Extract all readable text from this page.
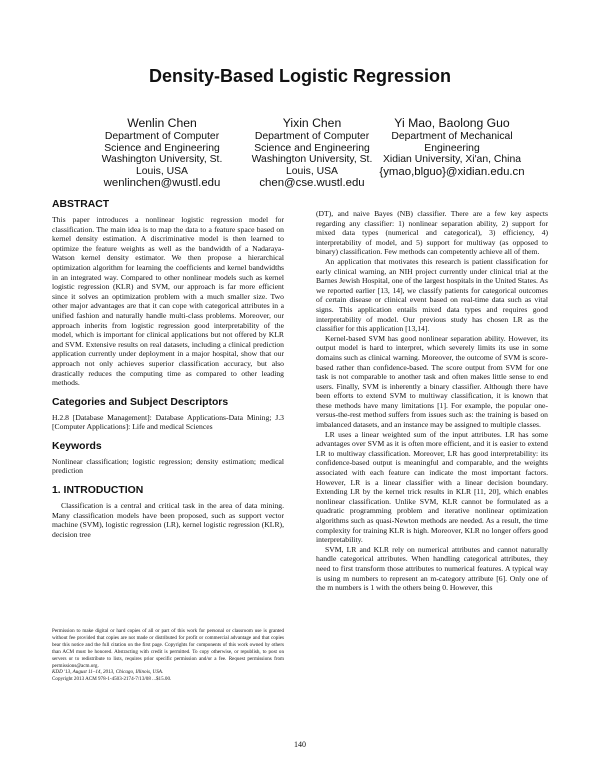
Density-Based Logistic Regression
Wenlin Chen
Department of Computer
Science and Engineering
Washington University, St.
Louis, USA
wenlinchen@wustl.edu
Yixin Chen
Department of Computer
Science and Engineering
Washington University, St.
Louis, USA
chen@cse.wustl.edu
Yi Mao, Baolong Guo
Department of Mechanical
Engineering
Xidian University, Xi'an, China
{ymao,blguo}@xidian.edu.cn
ABSTRACT

This paper introduces a nonlinear logistic regression model for classification. The main idea is to map the data to a feature space based on kernel density estimation. A discriminative model is then learned to optimize the feature weights as well as the bandwidth of a Nadaraya-Watson kernel density estimator. We then propose a hierarchical optimization algorithm for learning the coefficients and kernel bandwidths in an integrated way. Compared to other nonlinear models such as kernel logistic regression (KLR) and SVM, our approach is far more efficient since it solves an optimization problem with a much smaller size. Two other major advantages are that it can cope with categorical attributes in a unified fashion and naturally handle multi-class problems. Moreover, our approach inherits from logistic regression good interpretability of the model, which is important for clinical applications but not offered by KLR and SVM. Extensive results on real datasets, including a clinical prediction application currently under deployment in a major hospital, show that our approach not only achieves superior classification accuracy, but also drastically reduces the computing time as compared to other leading methods.

Categories and Subject Descriptors

H.2.8 [Database Management]: Database Applications-Data Mining; J.3 [Computer Applications]: Life and medical Sciences

Keywords

Nonlinear classification; logistic regression; density estimation; medical prediction

1. INTRODUCTION

Classification is a central and critical task in the area of data mining. Many classification models have been proposed, such as support vector machine (SVM), logistic regression (LR), kernel logistic regression (KLR), decision tree

(DT), and naive Bayes (NB) classifier. There are a few key aspects regarding any classifier: 1) nonlinear separation ability, 2) support for mixed data types (numerical and categorical), 3) efficiency, 4) interpretability of model, and 5) support for multiway (as opposed to binary) classification. Few methods can competently achieve all of them.

An application that motivates this research is patient classification for early clinical warning, an NIH project currently under clinical trial at the Barnes Jewish Hospital, one of the largest hospitals in the United States. As we reported earlier [13, 14], we classify patients for categorical outcomes of certain disease or clinical event based on real-time data such as vital signs. This application entails mixed data types and requires good interpretability of model. Our previous study has chosen LR as the classifier for this application [13,14].

Kernel-based SVM has good nonlinear separation ability. However, its output model is hard to interpret, which severely limits its use in some domains such as clinical warning. Moreover, the outcome of SVM is score-based rather than confidence-based. The score output from SVM for one task is not comparable to another task and often makes little sense to end users. Finally, SVM is inherently a binary classifier. Although there have been efforts to extend SVM to multiway classification, it is known that these methods have many limitations [1]. For example, the popular one-versus-the-rest method suffers from issues such as: the training is based on imbalanced datasets, and an instance may be assigned to multiple classes.

LR uses a linear weighted sum of the input attributes. LR has some advantages over SVM as it is often more efficient, and it is easier to extend LR to multiway classification. Moreover, LR has good interpretability: its confidence-based output is meaningful and comparable, and the weights associated with each feature can indicate the most important factors. However, LR is a linear classifier with a linear decision boundary. Extending LR by the kernel trick results in KLR [11, 20], which enables nonlinear classification. Unlike SVM, KLR cannot be formulated as a quadratic programming problem and iterative nonlinear optimization algorithms such as quasi-Newton methods are needed. As a result, the time complexity for training KLR is high. Moreover, KLR no longer offers good interpretability.

SVM, LR and KLR rely on numerical attributes and cannot naturally handle categorical attributes. When handling categorical attributes, they need to first transform those attributes to numerical features. A typical way is using m numbers to represent an m-category attribute [6]. Only one of the m numbers is 1 with the others being 0. However, this

Permission to make digital or hard copies of all or part of this work for personal or classroom use is granted without fee provided that copies are not made or distributed for profit or commercial advantage and that copies bear this notice and the full citation on the first page. Copyrights for components of this work owned by others than ACM must be honored. Abstracting with credit is permitted. To copy otherwise, or republish, to post on servers or to redistribute to lists, requires prior specific permission and/or a fee. Request permissions from permissions@acm.org.

KDD '13, August 11–14, 2013, Chicago, Illinois, USA.

Copyright 2013 ACM 978-1-4503-2174-7/13/08 ...$15.00.

140
